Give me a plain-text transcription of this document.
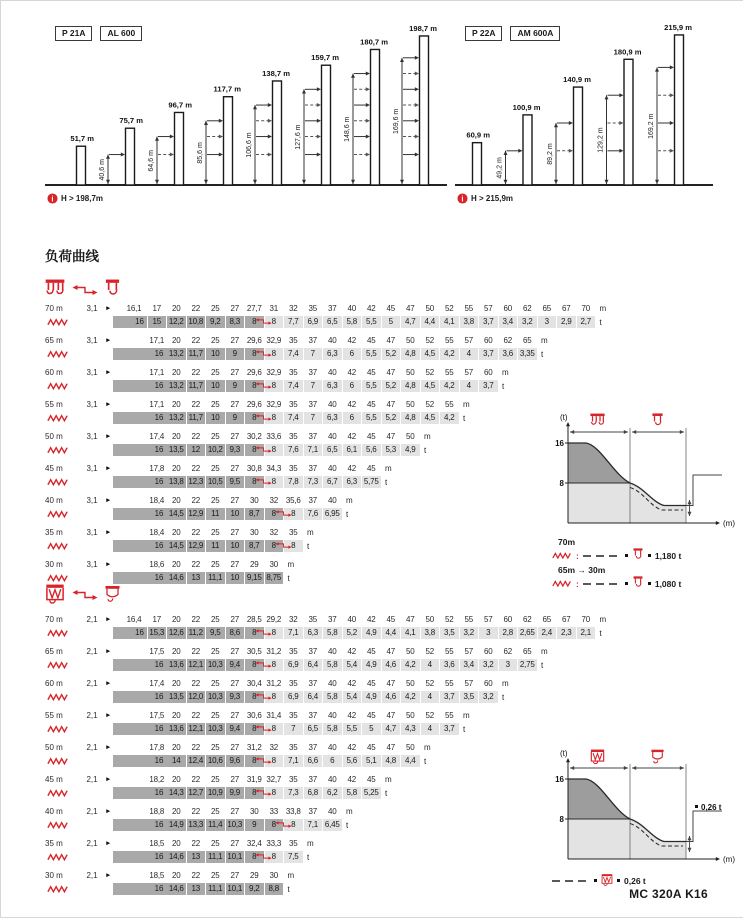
51,7 m
75,7 m
40,6 m
96,7 m
64,6 m
117,7 m
85,6 m
138,7 m
106,6 m
159,7 m
127,6 m
180,7 m
148,6 m
198,7 m
169,6 m
P 21A	AL 600
H > 198,7m
60,9 m
100,9 m
49,2 m
140,9 m
89,2 m
180,9 m
129,2 m
215,9 m
169,2 m
P 22A	AM 600A
H > 215,9m
负荷曲线
70 m	3,1	►	16,1	17	20	22	25	27 27,7 31	32	35	37	40	42	45	47	50	52	55	57	60	62	65	67	70	m
16	15 12,2 10,8 9,2	8,3	8	8	7,7	6,9	6,5	5,8	5,5	5	4,7	4,4	4,1	3,8	3,7	3,4	3,2	3	2,9	2,7	t
65 m	3,1	►	17,1 20	22	25	27 29,6 32,9 35	37	40	42	45	47	50	52	55	57	60	62	65	m
16 13,2 11,7	10	9	8	8	7,4	7	6,3	6	5,5	5,2	4,8	4,5	4,2	4	3,7	3,6 3,35 t
60 m	3,1	►	17,1 20	22	25	27 29,6 32,9 35	37	40	42	45	47	50	52	55	57	60	m
16 13,2 11,7	10	9	8	8	7,4	7	6,3	6	5,5	5,2	4,8	4,5	4,2	4	3,7	t
55 m	3,1	►	17,1 20	22	25	27 29,6 32,9 35	37	40	42	45	47	50	52	55	m
16 13,2 11,7	10	9	8	8	7,4	7	6,3	6	5,5	5,2	4,8	4,5	4,2	t
50 m	3,1	►	17,4 20	22	25	27 30,2 33,6 35	37	40	42	45	47	50	m
16 13,5 12 10,2 9,3	8	8	7,6	7,1	6,5	6,1	5,6	5,3	4,9	t
45 m	3,1	►	17,8 20	22	25	27 30,8 34,3 35	37	40	42	45	m
16 13,8 12,3 10,5 9,5	8	8	7,8	7,3	6,7	6,3 5,75 t
40 m	3,1	►	18,4 20	22	25	27	30	32 35,6 37	40	m
16 14,5 12,9	11	10	8,7	8	8	7,6 6,95 t
35 m	3,1	►	18,4 20	22	25	27	30	32	35	m
16 14,5 12,9	11	10	8,7	8	8	t
30 m	3,1	►	18,6 20	22	25	27	29	30	m
16 14,6 13	11,1	10 9,15 8,75 t
70 m	2,1	►	16,4	17	20	22	25	27 28,5 29,2 32	35	37	40	42	45	47	50	52	55	57	60	62	65	67	70	m
16 15,3 12,6 11,2 9,5	8,6	8	8	7,1	6,3	5,8	5,2	4,9	4,4	4,1	3,8	3,5	3,2	3	2,8 2,65 2,4	2,3	2,1	t
65 m	2,1	►	17,5 20	22	25	27 30,5 31,2 35	37	40	42	45	47	50	52	55	57	60	62	65	m
16 13,6 12,1 10,3 9,4	8	8	6,9	6,4	5,8	5,4	4,9	4,6	4,2	4	3,6	3,4	3,2	3	2,75 t
60 m	2,1	►	17,4 20	22	25	27 30,4 31,2 35	37	40	42	45	47	50	52	55	57	60	m
16 13,5 12,0 10,3 9,3	8	8	6,9	6,4	5,8	5,4	4,9	4,6	4,2	4	3,7	3,5	3,2	t
55 m	2,1	►	17,5 20	22	25	27 30,6 31,4 35	37	40	42	45	47	50	52	55	m
16 13,6 12,1 10,3 9,4	8	8	7	6,5	5,8	5,5	5	4,7	4,3	4	3,7	t
50 m	2,1	►	17,8 20	22	25	27 31,2 32	35	37	40	42	45	47	50	m
16	14 12,4 10,6 9,6	8	8	7,1	6,6	6	5,6	5,1	4,8	4,4	t
45 m	2,1	►	18,2 20	22	25	27 31,9 32,7 35	37	40	42	45	m
16 14,3 12,7 10,9 9,9	8	8	7,3	6,8	6,2	5,8 5,25 t
40 m	2,1	►	18,8 20	22	25	27	30	33 33,8 37	40	m
16 14,9 13,3 11,4 10,3	9	8	8	7,1 6,45 t
35 m	2,1	►	18,5 20	22	25	27 32,4 33,3 35	m
16 14,6 13	11,1 10,1	8	8	7,5	t
30 m	2,1	►	18,5 20	22	25	27	29	30	m
16 14,6 13	11,1 10,1 9,2	8,8	t
(t)
(m)
16
8
70m
:	1,180 t
65m → 30m
:	1,080 t
(t)
(m)
16
8
0,26 t
0,26 t
MC 320A K16
